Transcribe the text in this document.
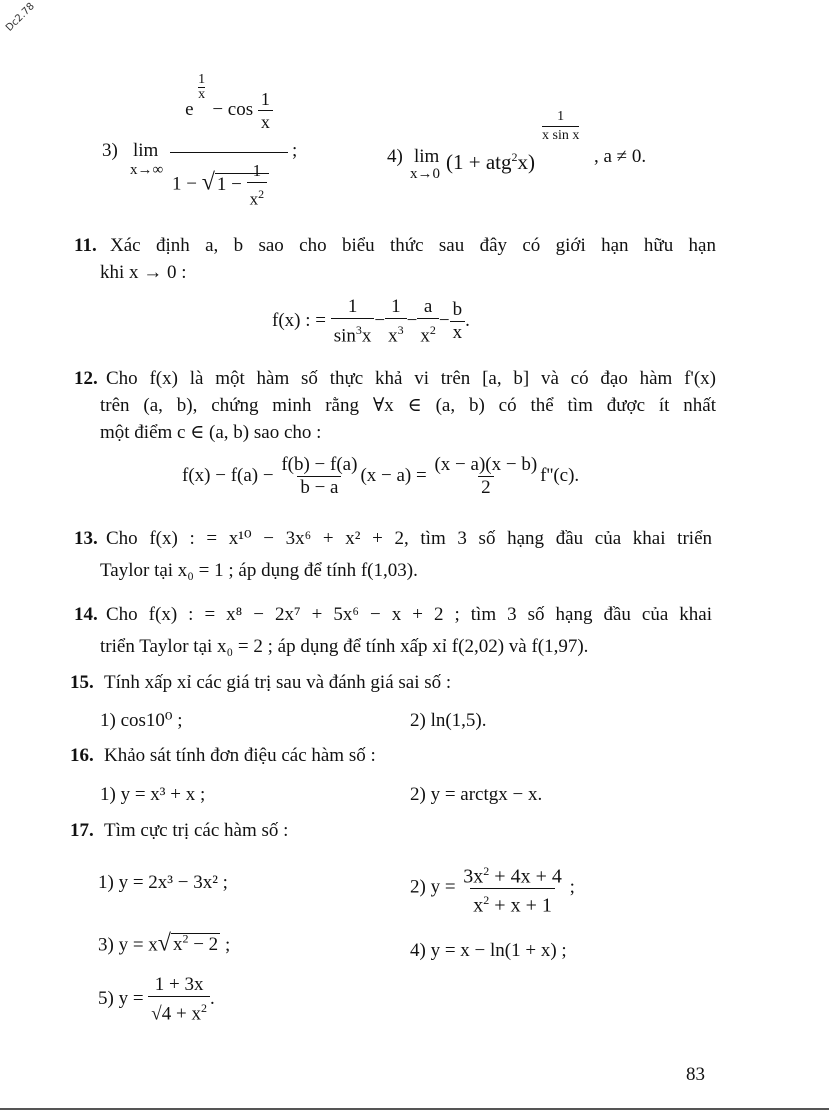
Dc2.78
3) lim
x→∞
e
1

x
− $\cos \frac{1}{x}$
1 − √ $1 - \frac{1}{x^2}$
;	4) lim
x→0 (1 + atg$^2$x)
1
x sin x
, a ≠ 0.
11. Xác định a, b sao cho biểu thức sau đây có giới hạn hữu hạn
khi x → 0 :
f(x) : = $\frac{1}{\sin^3x} - \frac{1}{x^3} - \frac{a}{x^2} - \frac{b}{x}$ .
12. Cho f(x) là một hàm số thực khả vi trên [a, b] và có đạo hàm f'(x)
trên (a, b), chứng minh rằng ∀x ∈ (a, b) có thể tìm được ít nhất
một điểm c ∈ (a, b) sao cho :
$f(x) - f(a) - \frac{f(b) - f(a)}{b - a} (x - a) = \frac{(x - a)(x - b)}{2} f''(c)$.
13. Cho f(x) : = x¹⁰ − 3x⁶ + x² + 2, tìm 3 số hạng đầu của khai triển
Taylor tại x₀ = 1 ; áp dụng để tính f(1,03).
14. Cho f(x) : = x⁸ − 2x⁷ + 5x⁶ − x + 2 ; tìm 3 số hạng đầu của khai
triển Taylor tại x₀ = 2 ; áp dụng để tính xấp xỉ f(2,02) và f(1,97).
15. Tính xấp xỉ các giá trị sau và đánh giá sai số :
1) cos10⁰ ;	2) ln(1,5).
16. Khảo sát tính đơn điệu các hàm số :
1) y = x³ + x ;	2) y = arctgx − x.
17. Tìm cực trị các hàm số :
1) y = 2x³ − 3x² ;	2) $y = \frac{3x^2 + 4x + 4}{x^2 + x + 1}$ ;
3) y = x√ $x^2 - 2$ ;	4) y = x − ln(1 + x) ;
5) $y = \frac{1 + 3x}{√4 + x^2}$ .
83
